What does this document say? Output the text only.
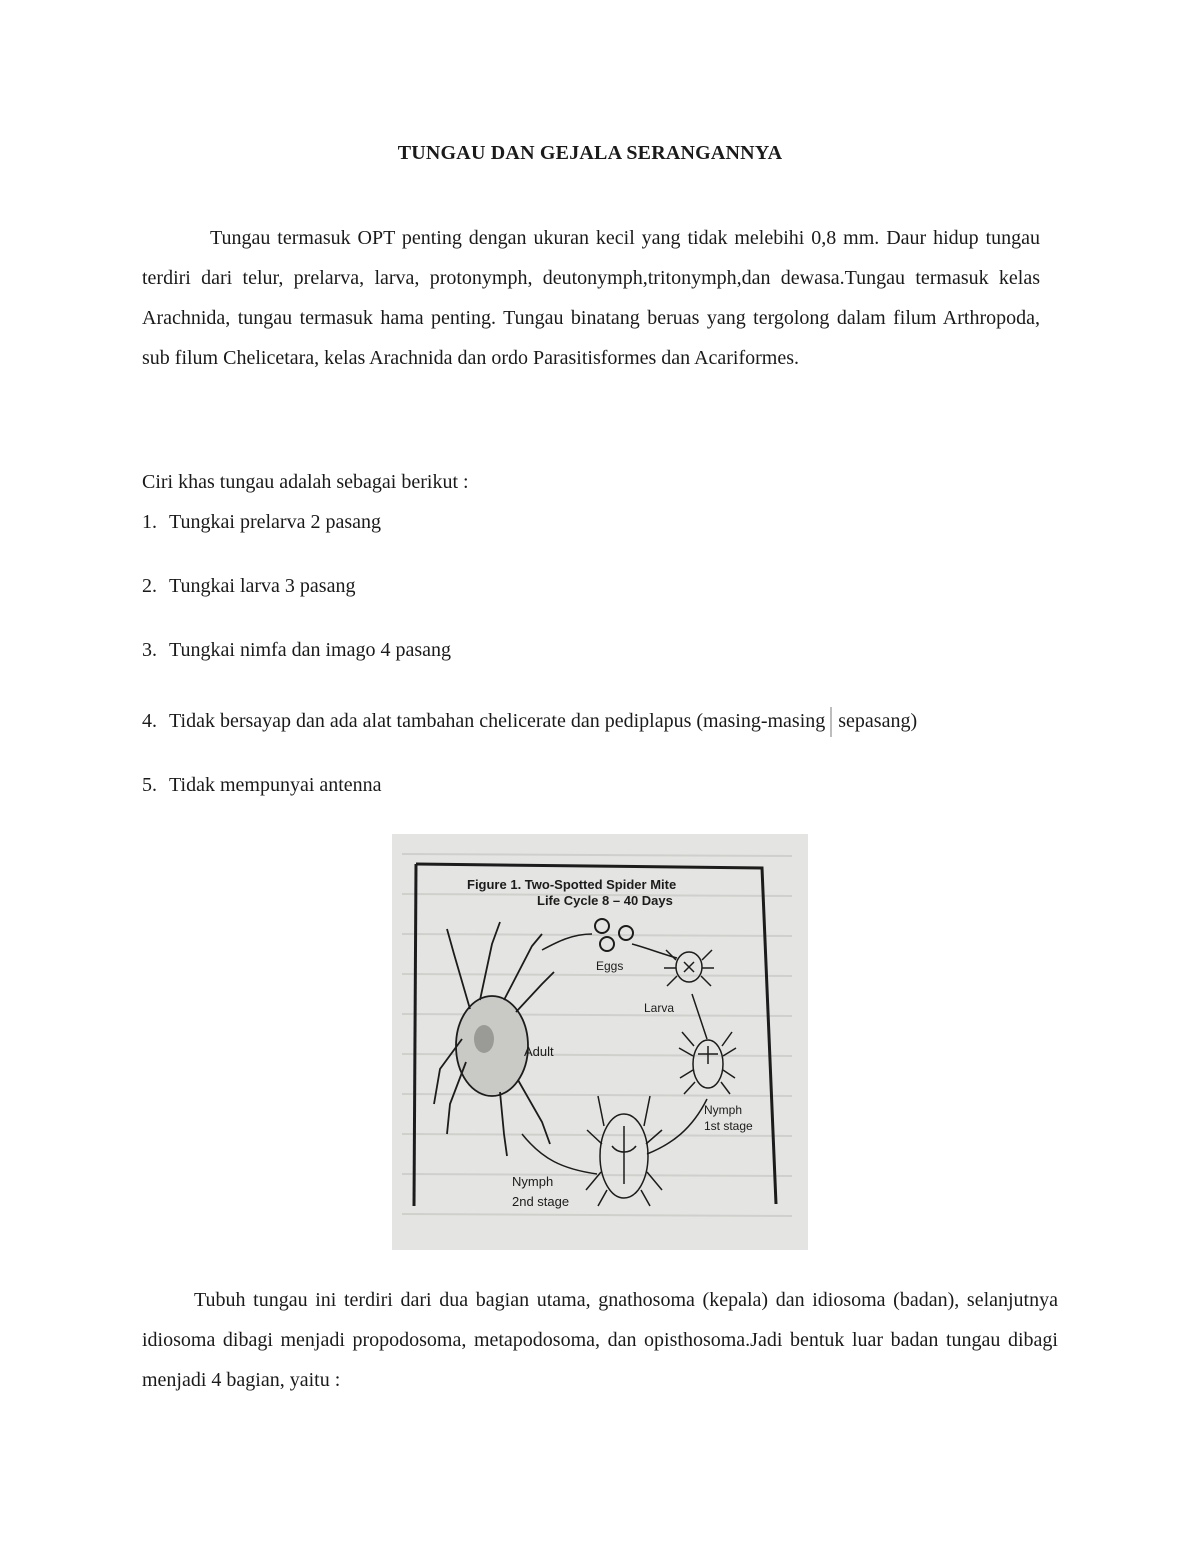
TUNGAU DAN GEJALA SERANGANNYA
Tungau termasuk OPT penting dengan ukuran kecil yang tidak melebihi 0,8 mm. Daur hidup tungau terdiri dari telur, prelarva, larva, protonymph, deutonymph,tritonymph,dan dewasa.Tungau termasuk kelas Arachnida, tungau termasuk hama penting. Tungau binatang beruas yang tergolong dalam filum Arthropoda, sub filum Chelicetara, kelas Arachnida dan ordo Parasitisformes dan Acariformes.
Ciri khas tungau adalah sebagai berikut :
1. Tungkai prelarva 2 pasang
2. Tungkai larva 3 pasang
3. Tungkai nimfa dan imago 4 pasang
4. Tidak bersayap dan ada alat tambahan chelicerate dan pediplapus (masing-masing sepasang)
5. Tidak mempunyai antenna
Figure 1. Two-Spotted Spider Mite
Life Cycle 8 – 40 Days
Eggs
Larva
Nymph
1st stage
Nymph
2nd stage
Adult
Tubuh tungau ini terdiri dari dua bagian utama, gnathosoma (kepala) dan idiosoma (badan), selanjutnya idiosoma dibagi menjadi propodosoma, metapodosoma, dan opisthosoma.Jadi bentuk luar badan tungau dibagi menjadi 4 bagian, yaitu :
